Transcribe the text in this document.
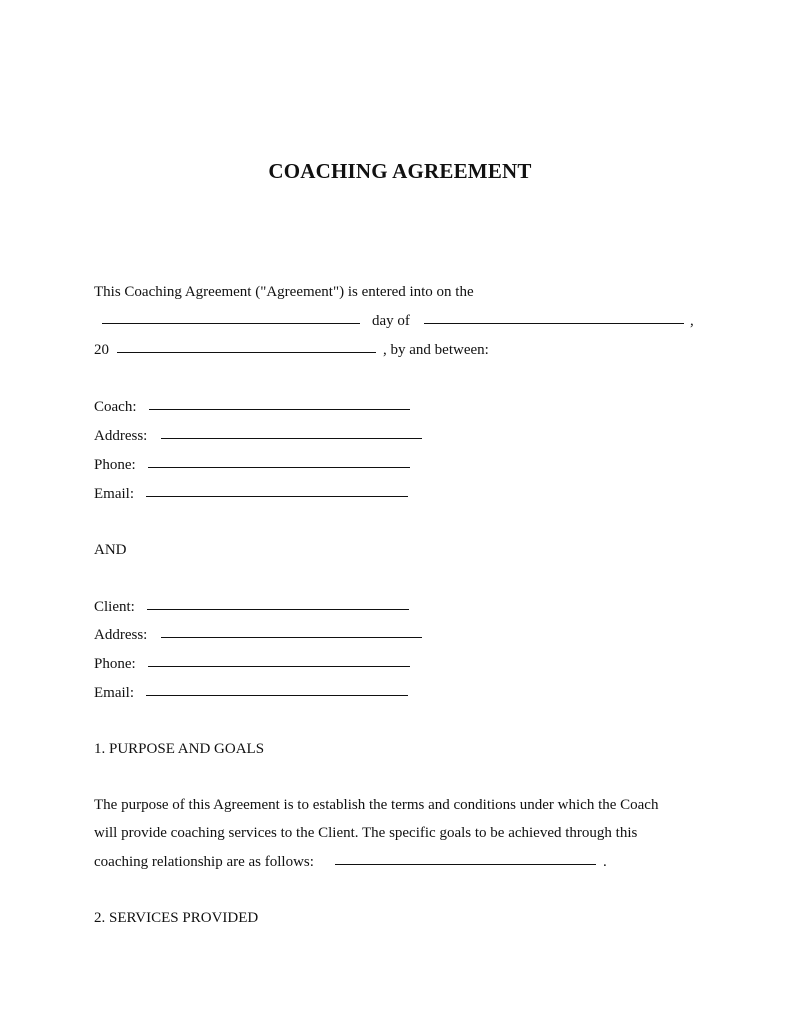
COACHING AGREEMENT
This Coaching Agreement ("Agreement") is entered into on the
day of	,
20	, by and between:
Coach:
Address:
Phone:
Email:
AND
Client:
Address:
Phone:
Email:
1. PURPOSE AND GOALS
The purpose of this Agreement is to establish the terms and conditions under which the Coach
will provide coaching services to the Client. The specific goals to be achieved through this
coaching relationship are as follows:	.
2. SERVICES PROVIDED
